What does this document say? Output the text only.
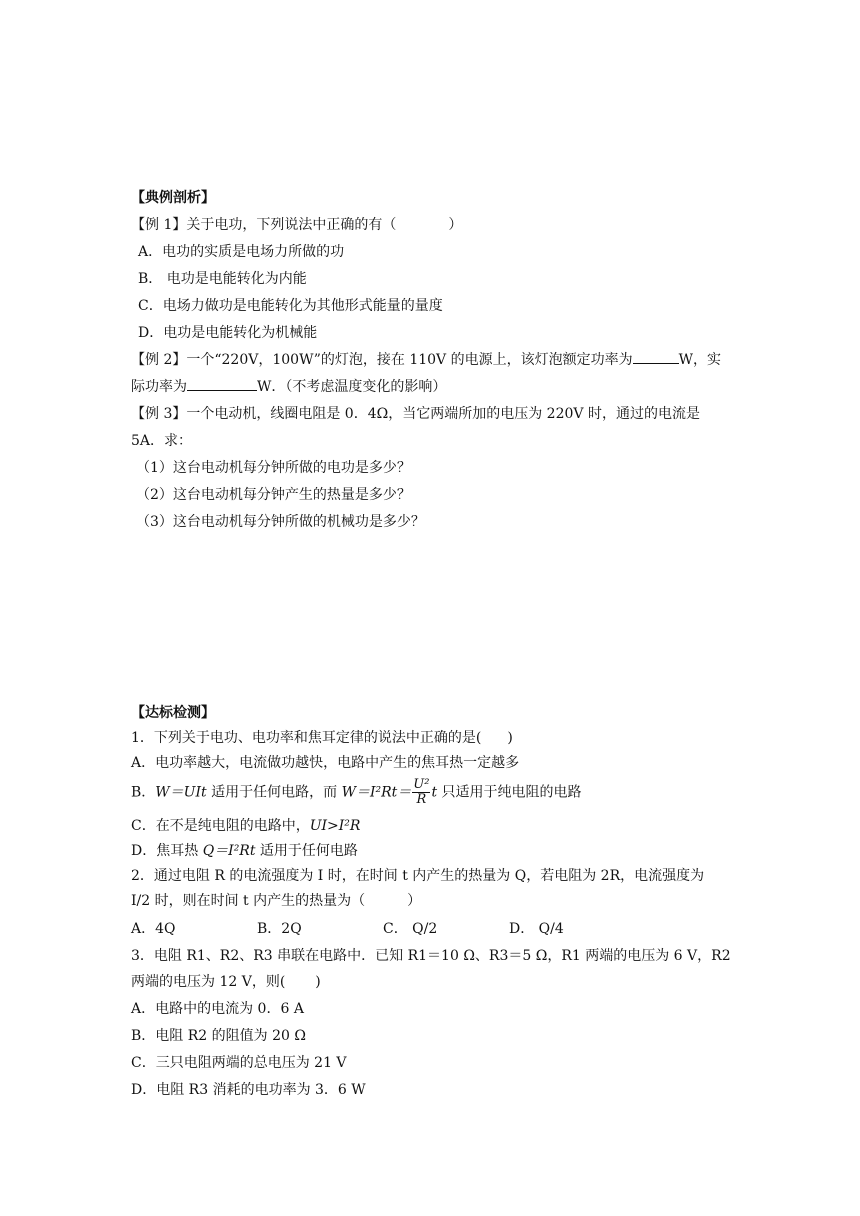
【典例剖析】
【例 1】关于电功，下列说法中正确的有（	）
A．电功的实质是电场力所做的功
B． 电功是电能转化为内能
C．电场力做功是电能转化为其他形式能量的量度
D．电功是电能转化为机械能
【例 2】一个“220V，100W”的灯泡，接在 110V 的电源上，该灯泡额定功率为	W，实
际功率为	W．（不考虑温度变化的影响）
【例 3】一个电动机，线圈电阻是 0．4Ω，当它两端所加的电压为 220V 时，通过的电流是
5A．求：
（1）这台电动机每分钟所做的电功是多少？
（2）这台电动机每分钟产生的热量是多少？
（3）这台电动机每分钟所做的机械功是多少？
【达标检测】
1．下列关于电功、电功率和焦耳定律的说法中正确的是( )
A．电功率越大，电流做功越快，电路中产生的焦耳热一定越多
B．W＝UIt 适用于任何电路，而 $W=I^2Rt= \frac{\text{U²}}{R}$ t 只适用于纯电阻的电路
C．在不是纯电阻的电路中，UI>I²R
D．焦耳热 Q＝I²Rt 适用于任何电路
2．通过电阻 R 的电流强度为 I 时，在时间 t 内产生的热量为 Q，若电阻为 2R，电流强度为
I/2 时，则在时间 t 内产生的热量为（	）
A．4Q	B．2Q	C． Q/2	D． Q/4
3．电阻 R1、R2、R3 串联在电路中．已知 R1＝10 Ω、R3＝5 Ω，R1 两端的电压为 6 V，R2
两端的电压为 12 V，则( )
A．电路中的电流为 0．6 A
B．电阻 R2 的阻值为 20 Ω
C．三只电阻两端的总电压为 21 V
D．电阻 R3 消耗的电功率为 3．6 W
